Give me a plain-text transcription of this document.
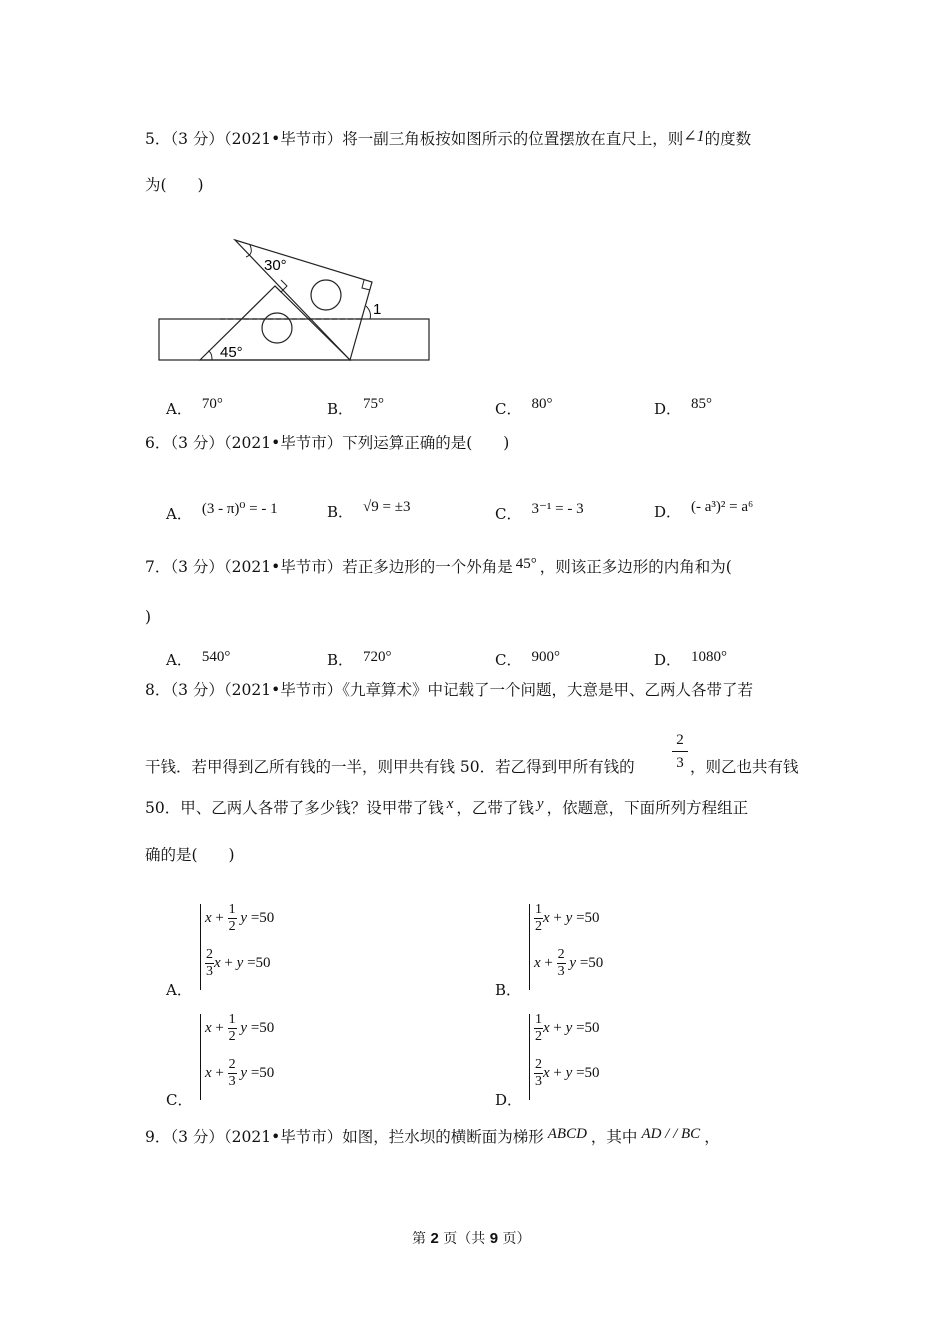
5．（3 分）（2021•毕节市）将一副三角板按如图所示的位置摆放在直尺上，则∠1的度数
为(　　)
30°
45°
1
A． 70°	B． 75°	C． 80°	D． 85°
6．（3 分）（2021•毕节市）下列运算正确的是(　　)
A． (3 - π)⁰ = - 1	B． √9 = ±3	C． 3⁻¹ = - 3	D． (- a³)² = a⁶
7．（3 分）（2021•毕节市）若正多边形的一个外角是 45° ，则该正多边形的内角和为(
)
A． 540°	B． 720°	C． 900°	D． 1080°
8．（3 分）（2021•毕节市）《九章算术》中记载了一个问题，大意是甲、乙两人各带了若
干钱．若甲得到乙所有钱的一半，则甲共有钱 50．若乙得到甲所有钱的
2
3 ，则乙也共有钱
50．甲、乙两人各带了多少钱？设甲带了钱 x ，乙带了钱 y ，依题意，下面所列方程组正
确的是(　　)
A．
$x + \frac{1}{2}$ y =50
$\frac{2}{3}$ x + y =50
B．
$\frac{1}{2}$ x + y =50
$x + \frac{2}{3}$ y =50
C．
$x + \frac{1}{2}$ y =50
$x + \frac{2}{3}$ y =50
D．
$\frac{1}{2}$ x + y =50
$\frac{2}{3}$ x + y =50
9．（3 分）（2021•毕节市）如图，拦水坝的横断面为梯形 ABCD ，其中 AD / / BC ，
第 2 页（共 9 页）
